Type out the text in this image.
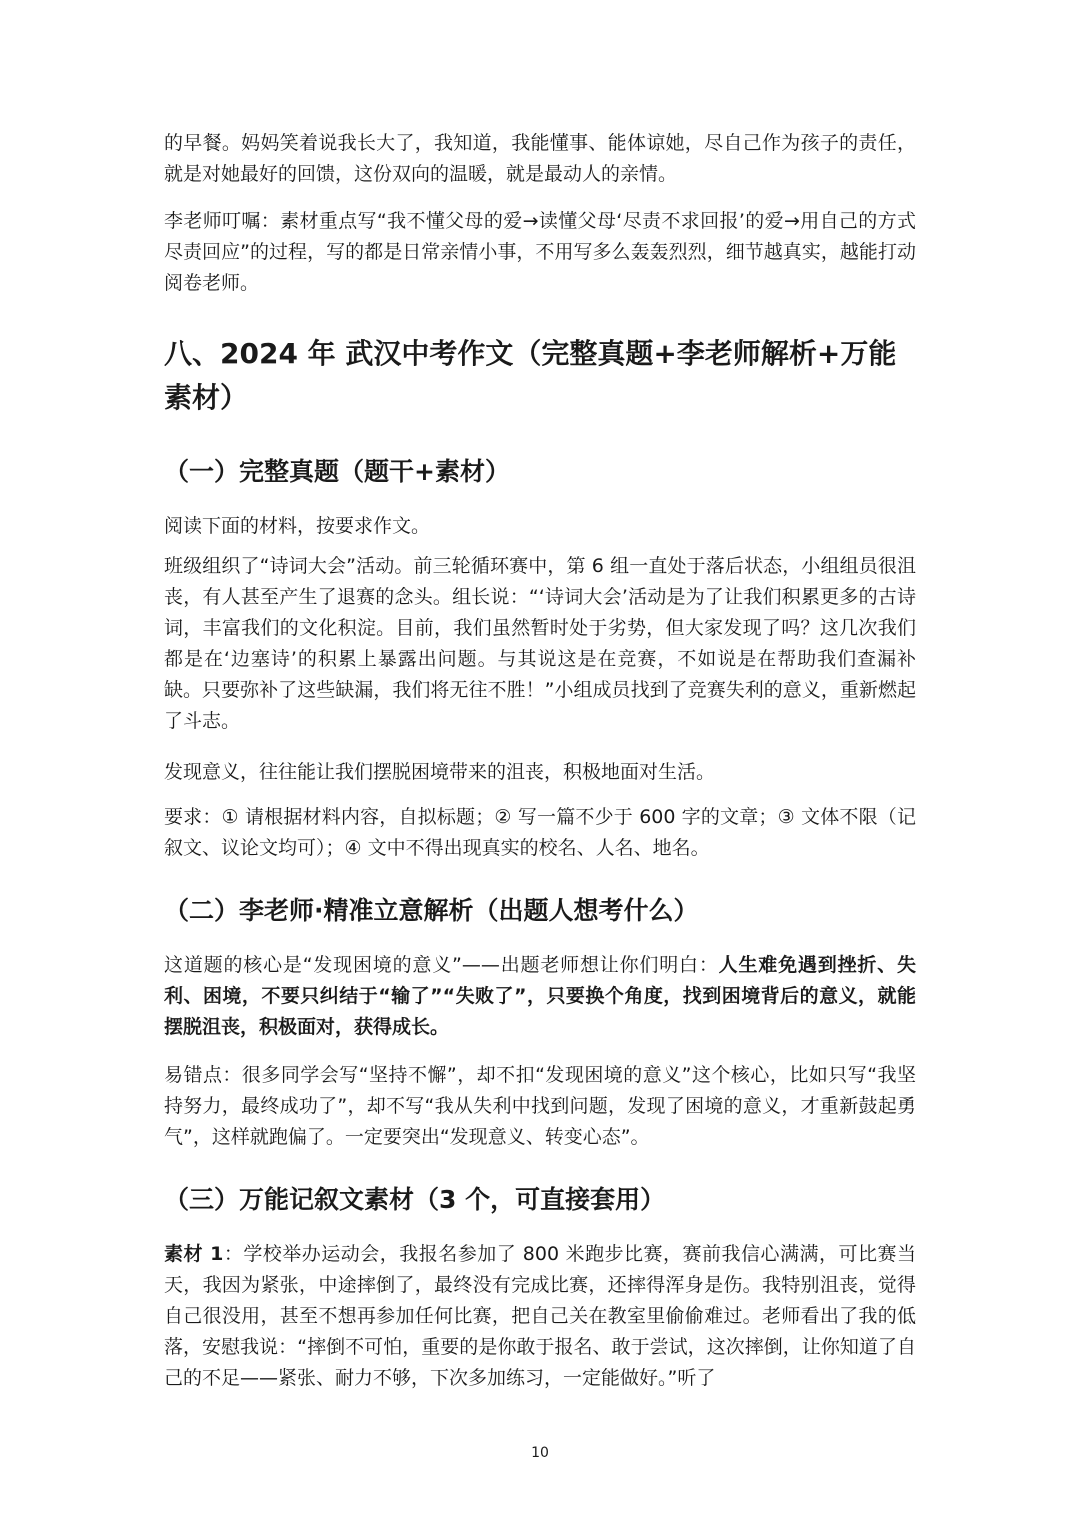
的早餐。妈妈笑着说我长大了，我知道，我能懂事、能体谅她，尽自己作为孩子的责任，就是对她最好的回馈，这份双向的温暖，就是最动人的亲情。

李老师叮嘱：素材重点写“我不懂父母的爱→读懂父母‘尽责不求回报’的爱→用自己的方式尽责回应”的过程，写的都是日常亲情小事，不用写多么轰轰烈烈，细节越真实，越能打动阅卷老师。

八、2024 年 武汉中考作文（完整真题+李老师解析+万能素材）
（一）完整真题（题干+素材）

阅读下面的材料，按要求作文。

班级组织了“诗词大会”活动。前三轮循环赛中，第 6 组一直处于落后状态，小组组员很沮丧，有人甚至产生了退赛的念头。组长说：“‘诗词大会’活动是为了让我们积累更多的古诗词，丰富我们的文化积淀。目前，我们虽然暂时处于劣势，但大家发现了吗？这几次我们都是在‘边塞诗’的积累上暴露出问题。与其说这是在竞赛，不如说是在帮助我们查漏补缺。只要弥补了这些缺漏，我们将无往不胜！”小组成员找到了竞赛失利的意义，重新燃起了斗志。

发现意义，往往能让我们摆脱困境带来的沮丧，积极地面对生活。

要求：① 请根据材料内容，自拟标题；② 写一篇不少于 600 字的文章；③ 文体不限（记叙文、议论文均可）；④ 文中不得出现真实的校名、人名、地名。

（二）李老师·精准立意解析（出题人想考什么）

这道题的核心是“发现困境的意义”——出题老师想让你们明白：人生难免遇到挫折、失利、困境，不要只纠结于“输了”“失败了”，只要换个角度，找到困境背后的意义，就能摆脱沮丧，积极面对，获得成长。

易错点：很多同学会写“坚持不懈”，却不扣“发现困境的意义”这个核心，比如只写“我坚持努力，最终成功了”，却不写“我从失利中找到问题，发现了困境的意义，才重新鼓起勇气”，这样就跑偏了。一定要突出“发现意义、转变心态”。

（三）万能记叙文素材（3 个，可直接套用）

素材 1：学校举办运动会，我报名参加了 800 米跑步比赛，赛前我信心满满，可比赛当天，我因为紧张，中途摔倒了，最终没有完成比赛，还摔得浑身是伤。我特别沮丧，觉得自己很没用，甚至不想再参加任何比赛，把自己关在教室里偷偷难过。老师看出了我的低落，安慰我说：“摔倒不可怕，重要的是你敢于报名、敢于尝试，这次摔倒，让你知道了自己的不足——紧张、耐力不够，下次多加练习，一定能做好。”听了

10
